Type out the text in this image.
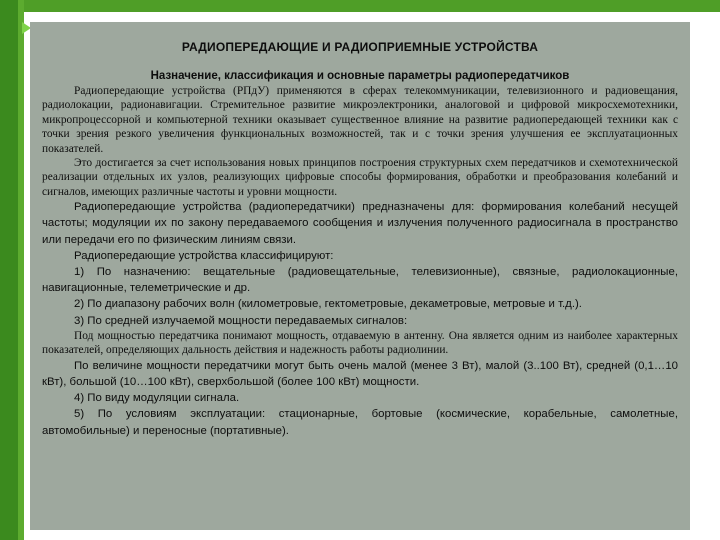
РАДИОПЕРЕДАЮЩИЕ И РАДИОПРИЕМНЫЕ УСТРОЙСТВА
Назначение, классификация и основные параметры радиопередатчиков

Радиопередающие устройства (РПдУ) применяются в сферах телекоммуникации, телевизионного и радиовещания, радиолокации, радионавигации. Стремительное развитие микроэлектроники, аналоговой и цифровой микросхемотехники, микропроцессорной и компьютерной техники оказывает существенное влияние на развитие радиопередающей техники как с точки зрения резкого увеличения функциональных возможностей, так и с точки зрения улучшения ее эксплуатационных показателей.

Это достигается за счет использования новых принципов построения структурных схем передатчиков и схемотехнической реализации отдельных их узлов, реализующих цифровые способы формирования, обработки и преобразования колебаний и сигналов, имеющих различные частоты и уровни мощности.

Радиопередающие устройства (радиопередатчики) предназначены для: формирования колебаний несущей частоты; модуляции их по закону передаваемого сообщения и излучения полученного радиосигнала в пространство или передачи его по физическим линиям связи.

Радиопередающие устройства классифицируют:

1) По назначению: вещательные (радиовещательные, телевизионные), связные, радиолокационные, навигационные, телеметрические и др.

2) По диапазону рабочих волн (километровые, гектометровые, декаметровые, метровые и т.д.).

3) По средней излучаемой мощности передаваемых сигналов:

Под мощностью передатчика понимают мощность, отдаваемую в антенну. Она является одним из наиболее характерных показателей, определяющих дальность действия и надежность работы радиолинии.

По величине мощности передатчики могут быть очень малой (менее 3 Вт), малой (3..100 Вт), средней (0,1…10 кВт), большой (10…100 кВт), сверхбольшой (более 100 кВт) мощности.

4) По виду модуляции сигнала.

5) По условиям эксплуатации: стационарные, бортовые (космические, корабельные, самолетные, автомобильные) и переносные (портативные).
